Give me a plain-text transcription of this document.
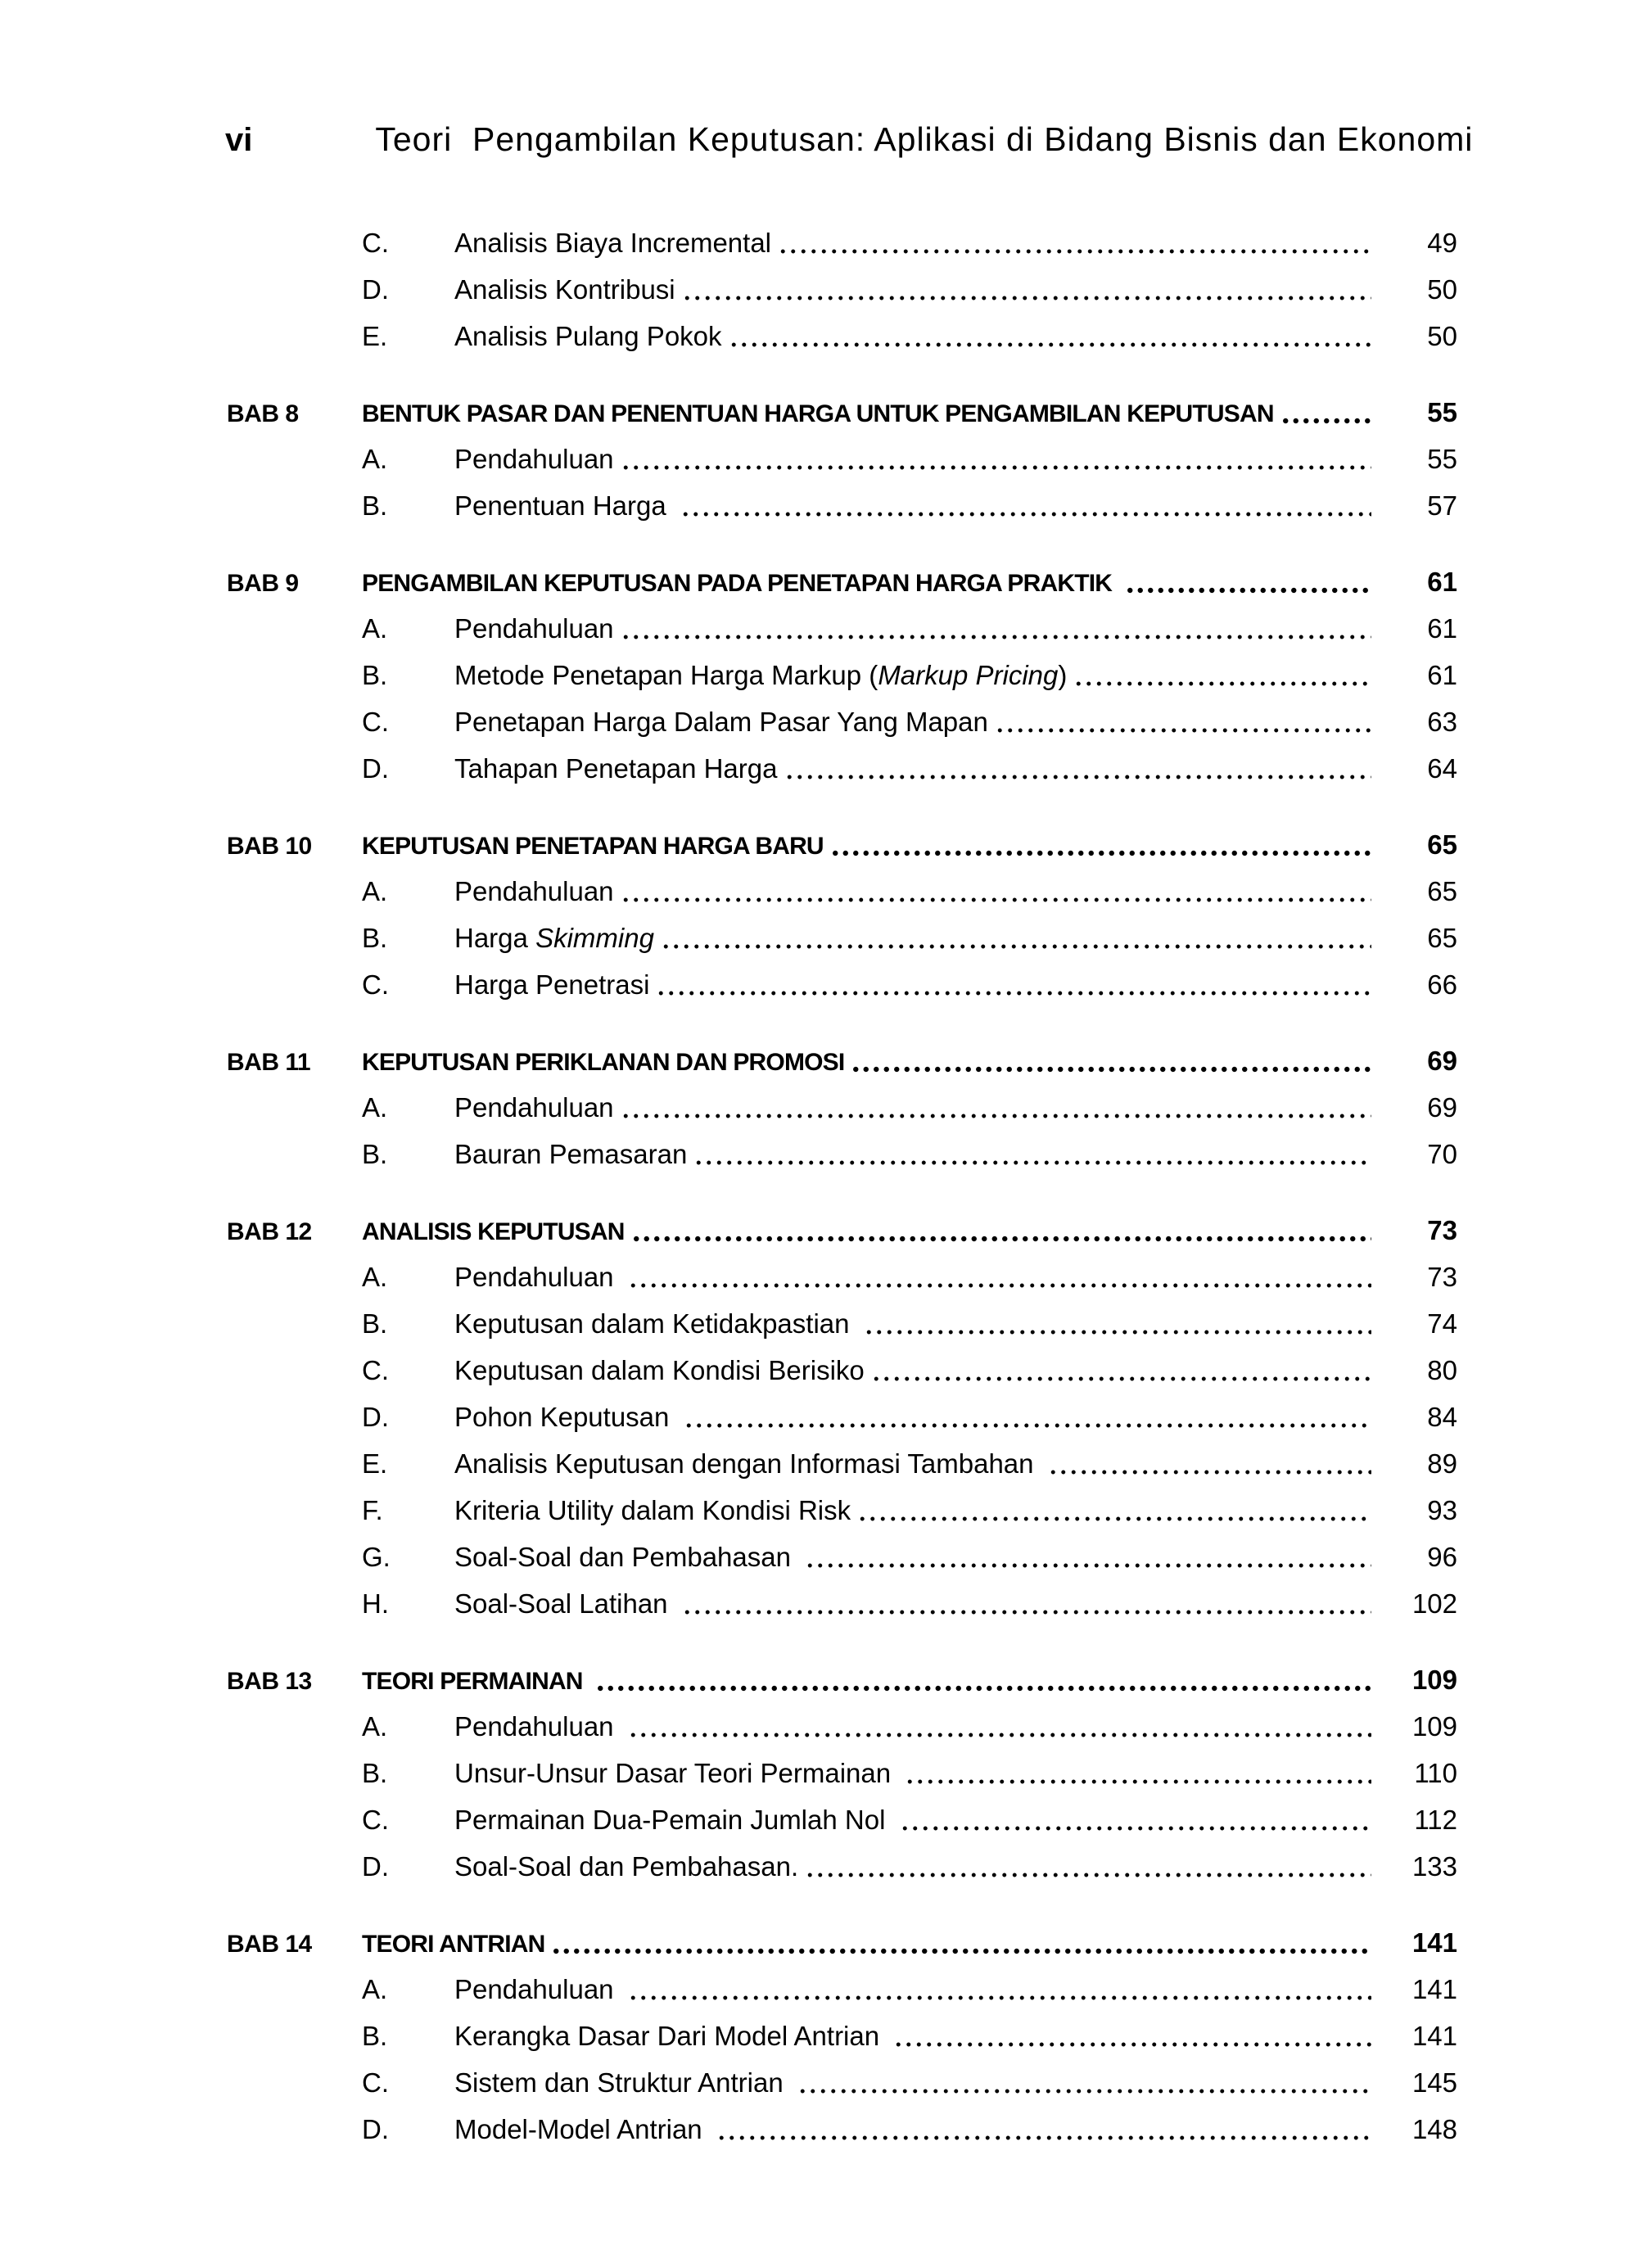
vi	Teori  Pengambilan Keputusan: Aplikasi di Bidang Bisnis dan Ekonomi
C.	Analisis Biaya Incremental	49
D.	Analisis Kontribusi	50
E.	Analisis Pulang Pokok	50
BAB 8	BENTUK PASAR DAN PENENTUAN HARGA UNTUK PENGAMBILAN KEPUTUSAN	55
A.	Pendahuluan	55
B.	Penentuan Harga	57
BAB 9	PENGAMBILAN KEPUTUSAN PADA PENETAPAN HARGA PRAKTIK	61
A.	Pendahuluan	61
B.	Metode Penetapan Harga Markup (Markup Pricing)	61
C.	Penetapan Harga Dalam Pasar Yang Mapan	63
D.	Tahapan Penetapan Harga	64
BAB 10	KEPUTUSAN PENETAPAN HARGA BARU	65
A.	Pendahuluan	65
B.	Harga Skimming	65
C.	Harga Penetrasi	66
BAB 11	KEPUTUSAN PERIKLANAN DAN PROMOSI	69
A.	Pendahuluan	69
B.	Bauran Pemasaran	70
BAB 12	ANALISIS KEPUTUSAN	73
A.	Pendahuluan	73
B.	Keputusan dalam Ketidakpastian	74
C.	Keputusan dalam Kondisi Berisiko	80
D.	Pohon Keputusan	84
E.	Analisis Keputusan dengan Informasi Tambahan	89
F.	Kriteria Utility dalam Kondisi Risk	93
G.	Soal-Soal dan Pembahasan	96
H.	Soal-Soal Latihan	102
BAB 13	TEORI PERMAINAN	109
A.	Pendahuluan	109
B.	Unsur-Unsur Dasar Teori Permainan	110
C.	Permainan Dua-Pemain Jumlah Nol	112
D.	Soal-Soal dan Pembahasan.	133
BAB 14	TEORI ANTRIAN	141
A.	Pendahuluan	141
B.	Kerangka Dasar Dari Model Antrian	141
C.	Sistem dan Struktur Antrian	145
D.	Model-Model Antrian	148
